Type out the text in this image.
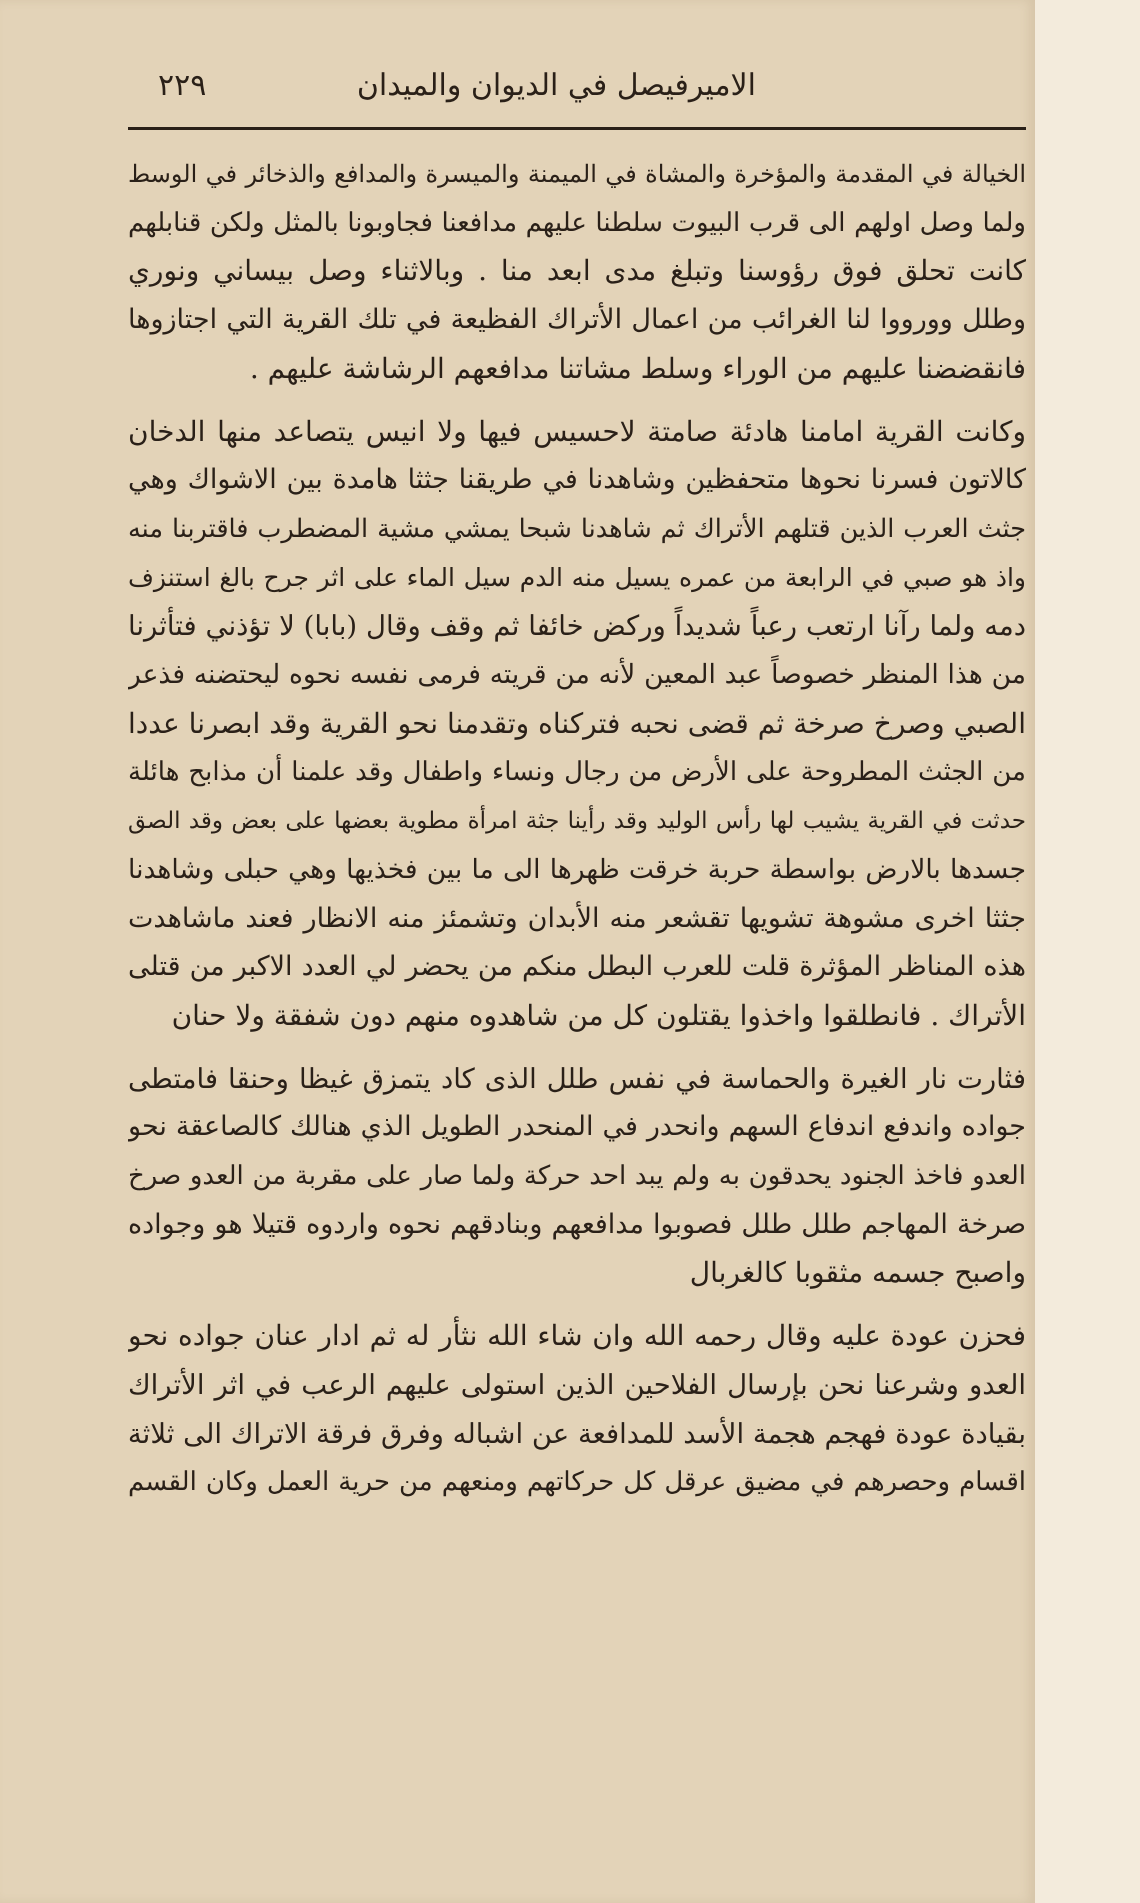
الاميرفيصل في الديوان والميدان
٢٢٩
الخيالة في المقدمة والمؤخرة والمشاة في الميمنة والميسرة والمدافع والذخائر في الوسط
ولما وصل اولهم الى قرب البيوت سلطنا عليهم مدافعنا فجاوبونا بالمثل ولكن قنابلهم
كانت تحلق فوق رؤوسنا وتبلغ مدى ابعد منا . وبالاثناء وصل بيساني ونوري
وطلل وورووا لنا الغرائب من اعمال الأتراك الفظيعة في تلك القرية التي اجتازوها
فانقضضنا عليهم من الوراء وسلط مشاتنا مدافعهم الرشاشة عليهم .
وكانت القرية امامنا هادئة صامتة لاحسيس فيها ولا انيس يتصاعد منها الدخان
كالاتون فسرنا نحوها متحفظين وشاهدنا في طريقنا جثثا هامدة بين الاشواك وهي
جثث العرب الذين قتلهم الأتراك ثم شاهدنا شبحا يمشي مشية المضطرب فاقتربنا منه
واذ هو صبي في الرابعة من عمره يسيل منه الدم سيل الماء على اثر جرح بالغ استنزف
دمه ولما رآنا ارتعب رعباً شديداً وركض خائفا ثم وقف وقال (بابا) لا تؤذني فتأثرنا
من هذا المنظر خصوصاً عبد المعين لأنه من قريته فرمى نفسه نحوه ليحتضنه فذعر
الصبي وصرخ صرخة ثم قضى نحبه فتركناه وتقدمنا نحو القرية وقد ابصرنا عددا
من الجثث المطروحة على الأرض من رجال ونساء واطفال وقد علمنا أن مذابح هائلة
حدثت في القرية يشيب لها رأس الوليد وقد رأينا جثة امرأة مطوية بعضها على بعض وقد الصق
جسدها بالارض بواسطة حربة خرقت ظهرها الى ما بين فخذيها وهي حبلى وشاهدنا
جثثا اخرى مشوهة تشويها تقشعر منه الأبدان وتشمئز منه الانظار فعند ماشاهدت
هذه المناظر المؤثرة قلت للعرب البطل منكم من يحضر لي العدد الاكبر من قتلى
الأتراك . فانطلقوا واخذوا يقتلون كل من شاهدوه منهم دون شفقة ولا حنان
فثارت نار الغيرة والحماسة في نفس طلل الذى كاد يتمزق غيظا وحنقا فامتطى
جواده واندفع اندفاع السهم وانحدر في المنحدر الطويل الذي هنالك كالصاعقة نحو
العدو فاخذ الجنود يحدقون به ولم يبد احد حركة ولما صار على مقربة من العدو صرخ
صرخة المهاجم طلل طلل فصوبوا مدافعهم وبنادقهم نحوه واردوه قتيلا هو وجواده
واصبح جسمه مثقوبا كالغربال
فحزن عودة عليه وقال رحمه الله وان شاء الله نثأر له ثم ادار عنان جواده نحو
العدو وشرعنا نحن بإرسال الفلاحين الذين استولى عليهم الرعب في اثر الأتراك
بقيادة عودة فهجم هجمة الأسد للمدافعة عن اشباله وفرق فرقة الاتراك الى ثلاثة
اقسام وحصرهم في مضيق عرقل كل حركاتهم ومنعهم من حرية العمل وكان القسم
